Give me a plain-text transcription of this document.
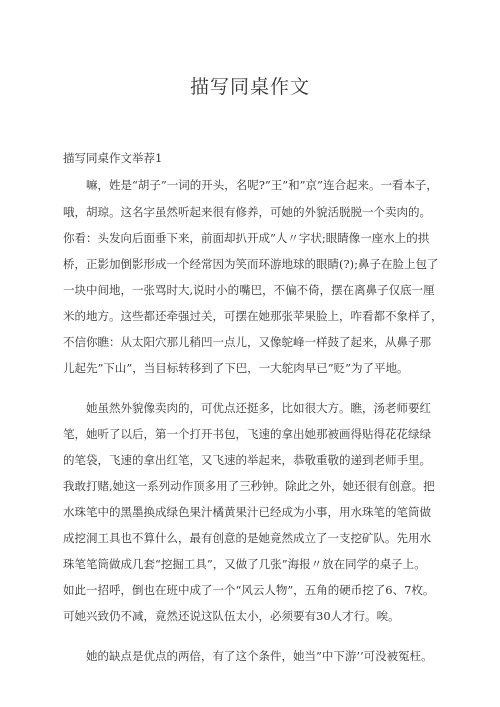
描写同桌作文
描写同桌作文举荐1
嘛，姓是“胡子”一词的开头，名呢?”王”和”京”连合起来。一看本子，
哦，胡琼。这名字虽然听起来很有修养，可她的外貌活脱脱一个卖肉的。
你看：头发向后面垂下来，前面却扒开成”人〃字状;眼睛像一座水上的拱
桥，正影加倒影形成一个经常因为笑而环游地球的眼睛(?);鼻子在脸上包了
一块中间地，一张骂时大,说时小的嘴巴，不偏不倚，摆在离鼻子仅底一厘
米的地方。这些都还牵强过关，可摆在她那张苹果脸上，咋看都不象样了，
不信你瞧：从太阳穴那儿稍凹一点儿，又像鸵峰一样鼓了起来，从鼻子那
儿起先”下山”，当目标转移到了下巴，一大鸵肉早已”贬”为了平地。
她虽然外貌像卖肉的，可优点还挺多，比如很大方。瞧，汤老师要红
笔，她听了以后，第一个打开书包，飞速的拿出她那被画得贴得花花绿绿
的笔袋，飞速的拿出红笔，又飞速的举起来，恭敬重敬的递到老师手里。
我敢打赌,她这一系列动作顶多用了三秒钟。除此之外，她还很有创意。把
水珠笔中的黑墨换成绿色果汁橘黄果汁已经成为小事，用水珠笔的笔筒做
成挖洞工具也不算什么，最有创意的是她竟然成立了一支挖矿队。先用水
珠笔笔筒做成几套“挖掘工具”，又做了几张”海报〃放在同学的桌子上。
如此一招呼，倒也在班中成了一个“风云人物”，五角的硬币挖了6、7枚。
可她兴致仍不减，竟然还说这队伍太小，必须要有30人才行。唉。
她的缺点是优点的两倍，有了这个条件，她当”中下游’’可没被冤枉。
